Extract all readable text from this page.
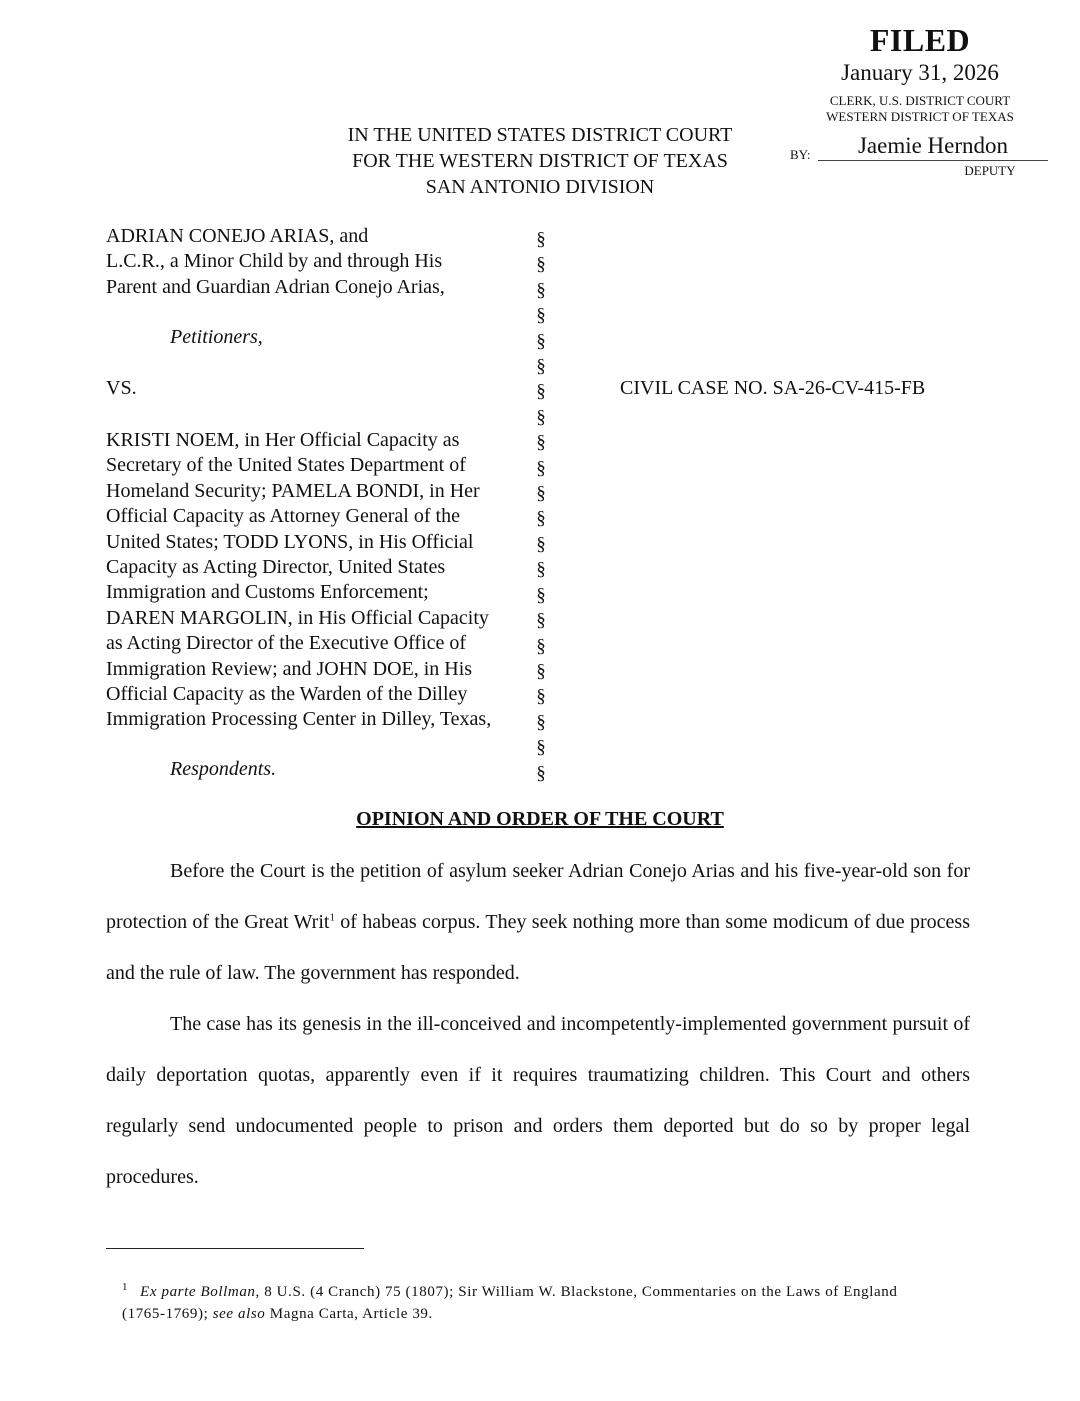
FILED
January 31, 2026
CLERK, U.S. DISTRICT COURT
WESTERN DISTRICT OF TEXAS
BY:	Jaemie Herndon
DEPUTY
IN THE UNITED STATES DISTRICT COURT
FOR THE WESTERN DISTRICT OF TEXAS
SAN ANTONIO DIVISION
ADRIAN CONEJO ARIAS, and
L.C.R., a Minor Child by and through His
Parent and Guardian Adrian Conejo Arias,
Petitioners,
VS.	CIVIL CASE NO. SA-26-CV-415-FB
KRISTI NOEM, in Her Official Capacity as
Secretary of the United States Department of
Homeland Security; PAMELA BONDI, in Her
Official Capacity as Attorney General of the
United States; TODD LYONS, in His Official
Capacity as Acting Director, United States
Immigration and Customs Enforcement;
DAREN MARGOLIN, in His Official Capacity
as Acting Director of the Executive Office of
Immigration Review; and JOHN DOE, in His
Official Capacity as the Warden of the Dilley
Immigration Processing Center in Dilley, Texas,
Respondents.
§
§
§
§
§
§
§
§
§
§
§
§
§
§
§
§
§
§
§
§
§
§
OPINION AND ORDER OF THE COURT
Before the Court is the petition of asylum seeker Adrian Conejo Arias and his five-year-old son for protection of the Great Writ$^1$ of habeas corpus. They seek nothing more than some modicum of due process and the rule of law. The government has responded.
The case has its genesis in the ill-conceived and incompetently-implemented government pursuit of daily deportation quotas, apparently even if it requires traumatizing children. This Court and others regularly send undocumented people to prison and orders them deported but do so by proper legal procedures.
$^1$ Ex parte Bollman, 8 U.S. (4 Cranch) 75 (1807); Sir William W. Blackstone, Commentaries on the Laws of England (1765-1769); see also Magna Carta, Article 39.
